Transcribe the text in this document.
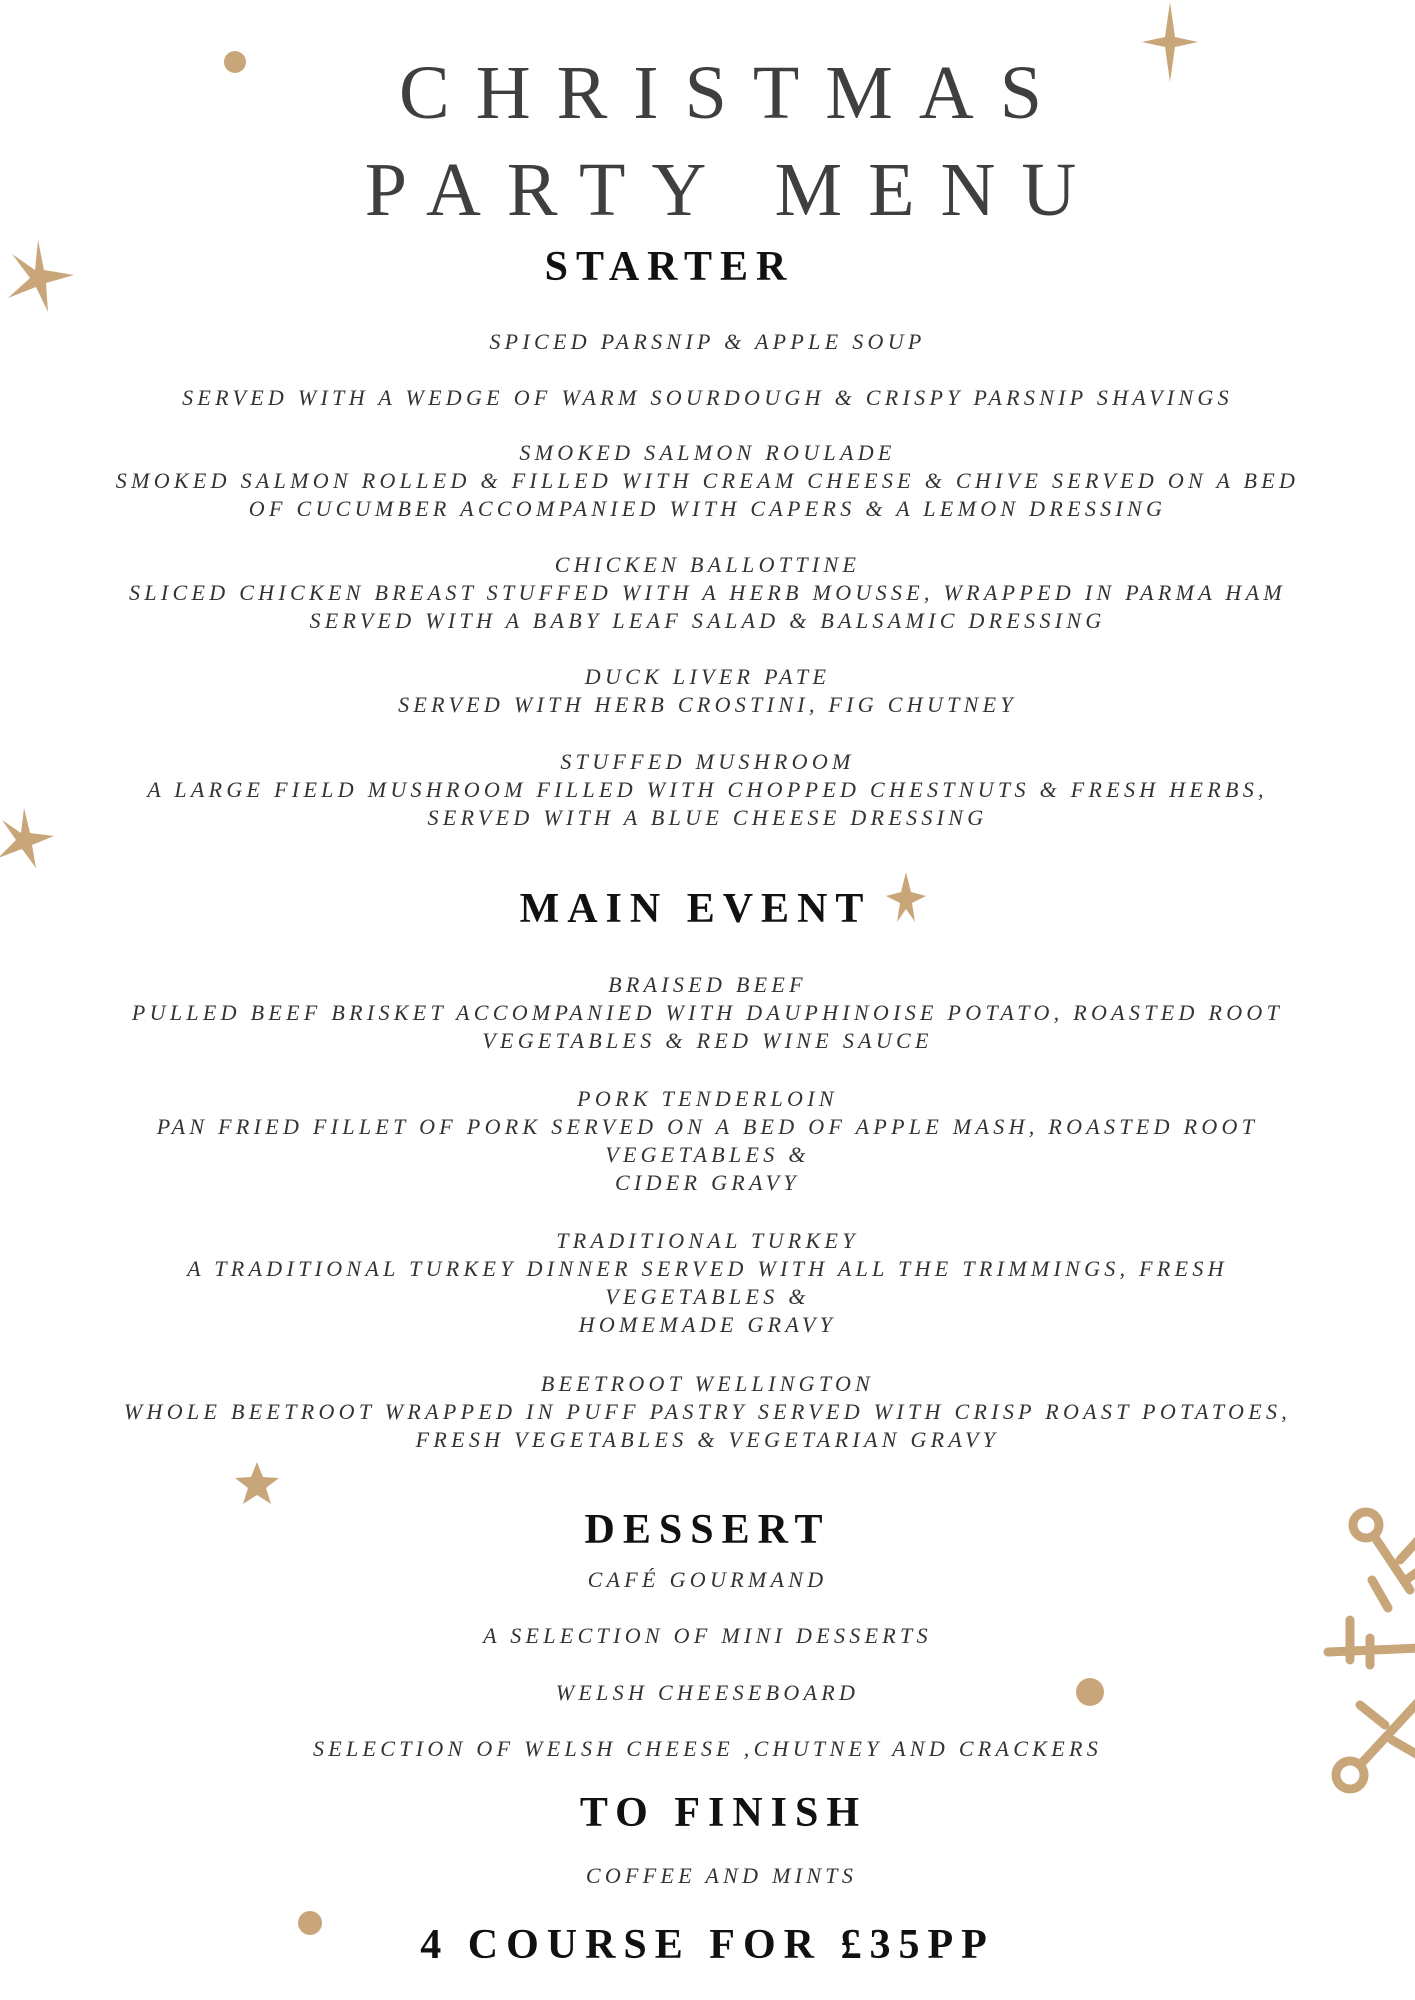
CHRISTMAS
PARTY MENU
STARTER
SPICED PARSNIP & APPLE SOUP
SERVED WITH A WEDGE OF WARM SOURDOUGH & CRISPY PARSNIP SHAVINGS
SMOKED SALMON ROULADE
SMOKED SALMON ROLLED & FILLED WITH CREAM CHEESE & CHIVE SERVED ON A BED
OF CUCUMBER ACCOMPANIED WITH CAPERS & A LEMON DRESSING
CHICKEN BALLOTTINE
SLICED CHICKEN BREAST STUFFED WITH A HERB MOUSSE, WRAPPED IN PARMA HAM
SERVED WITH A BABY LEAF SALAD & BALSAMIC DRESSING
DUCK LIVER PATE
SERVED WITH HERB CROSTINI, FIG CHUTNEY
STUFFED MUSHROOM
A LARGE FIELD MUSHROOM FILLED WITH CHOPPED CHESTNUTS & FRESH HERBS,
SERVED WITH A BLUE CHEESE DRESSING
MAIN EVENT
BRAISED BEEF
PULLED BEEF BRISKET ACCOMPANIED WITH DAUPHINOISE POTATO, ROASTED ROOT
VEGETABLES & RED WINE SAUCE
PORK TENDERLOIN
PAN FRIED FILLET OF PORK SERVED ON A BED OF APPLE MASH, ROASTED ROOT
VEGETABLES &
CIDER GRAVY
TRADITIONAL TURKEY
A TRADITIONAL TURKEY DINNER SERVED WITH ALL THE TRIMMINGS, FRESH
VEGETABLES &
HOMEMADE GRAVY
BEETROOT WELLINGTON
WHOLE BEETROOT WRAPPED IN PUFF PASTRY SERVED WITH CRISP ROAST POTATOES,
FRESH VEGETABLES & VEGETARIAN GRAVY
DESSERT
CAFÉ GOURMAND
A SELECTION OF MINI DESSERTS
WELSH CHEESEBOARD
SELECTION OF WELSH CHEESE ,CHUTNEY AND CRACKERS
TO FINISH
COFFEE AND MINTS
4 COURSE FOR £35PP
